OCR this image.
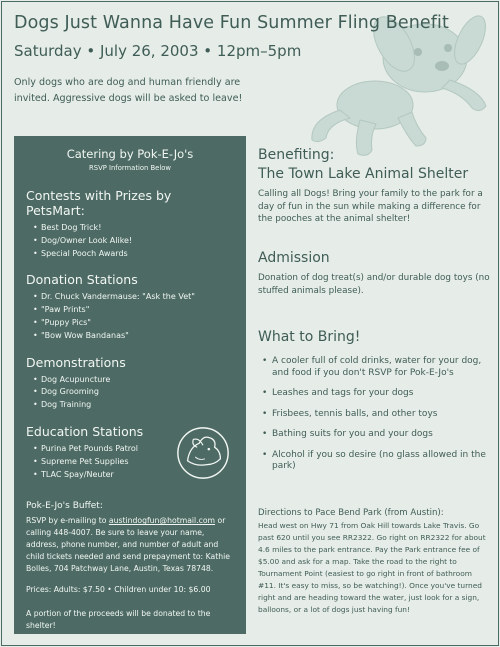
Dogs Just Wanna Have Fun Summer Fling Benefit
Saturday • July 26, 2003 • 12pm–5pm
Only dogs who are dog and human friendly are invited. Aggressive dogs will be asked to leave!
Catering by Pok-E-Jo's
RSVP Information Below
Contests with Prizes by PetsMart:
• Best Dog Trick!
• Dog/Owner Look Alike!
• Special Pooch Awards
Donation Stations
• Dr. Chuck Vandermause: "Ask the Vet"
• "Paw Prints"
• "Puppy Pics"
• "Bow Wow Bandanas"
Demonstrations
• Dog Acupuncture
• Dog Grooming
• Dog Training
Education Stations
• Purina Pet Pounds Patrol
• Supreme Pet Supplies
• TLAC Spay/Neuter
Pok-E-Jo's Buffet:
RSVP by e-mailing to austindogfun@hotmail.com or calling 448-4007. Be sure to leave your name, address, phone number, and number of adult and child tickets needed and send prepayment to: Kathie Bolles, 704 Patchway Lane, Austin, Texas 78748.
Prices: Adults: $7.50 • Children under 10: $6.00
A portion of the proceeds will be donated to the shelter!
Benefiting:
The Town Lake Animal Shelter
Calling all Dogs! Bring your family to the park for a day of fun in the sun while making a difference for the pooches at the animal shelter!
Admission
Donation of dog treat(s) and/or durable dog toys (no stuffed animals please).
What to Bring!
• A cooler full of cold drinks, water for your dog, and food if you don't RSVP for Pok-E-Jo's
• Leashes and tags for your dogs
• Frisbees, tennis balls, and other toys
• Bathing suits for you and your dogs
• Alcohol if you so desire (no glass allowed in the park)
Directions to Pace Bend Park (from Austin):
Head west on Hwy 71 from Oak Hill towards Lake Travis. Go past 620 until you see RR2322. Go right on RR2322 for about 4.6 miles to the park entrance. Pay the Park entrance fee of $5.00 and ask for a map. Take the road to the right to Tournament Point (easiest to go right in front of bathroom #11. It's easy to miss, so be watching!). Once you've turned right and are heading toward the water, just look for a sign, balloons, or a lot of dogs just having fun!
